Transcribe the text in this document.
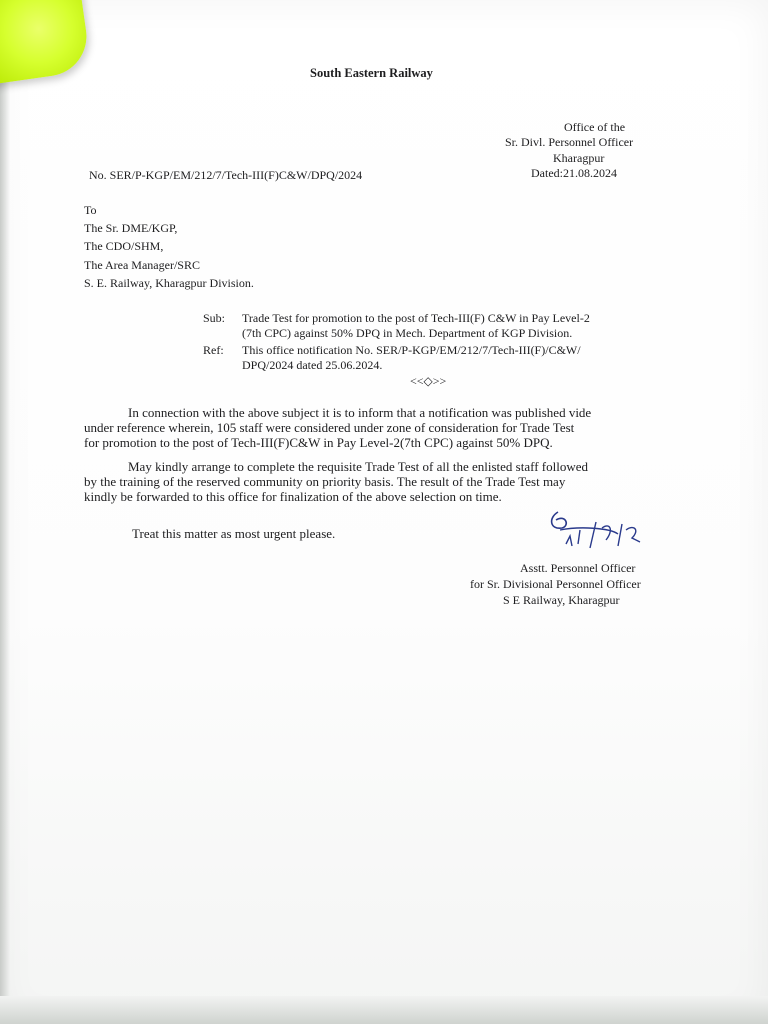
South Eastern Railway
Office of the
Sr. Divl. Personnel Officer
Kharagpur
Dated:21.08.2024
No. SER/P-KGP/EM/212/7/Tech-III(F)C&W/DPQ/2024
To
The Sr. DME/KGP,
The CDO/SHM,
The Area Manager/SRC
S. E. Railway, Kharagpur Division.
Sub: Trade Test for promotion to the post of Tech-III(F) C&W in Pay Level-2
(7th CPC) against 50% DPQ in Mech. Department of KGP Division.
Ref: This office notification No. SER/P-KGP/EM/212/7/Tech-III(F)/C&W/
DPQ/2024 dated 25.06.2024.
<<◇>>
In connection with the above subject it is to inform that a notification was published vide
under reference wherein, 105 staff were considered under zone of consideration for Trade Test
for promotion to the post of Tech-III(F)C&W in Pay Level-2(7th CPC) against 50% DPQ.
May kindly arrange to complete the requisite Trade Test of all the enlisted staff followed
by the training of the reserved community on priority basis. The result of the Trade Test may
kindly be forwarded to this office for finalization of the above selection on time.
Treat this matter as most urgent please.
Asstt. Personnel Officer
for Sr. Divisional Personnel Officer
S E Railway, Kharagpur
